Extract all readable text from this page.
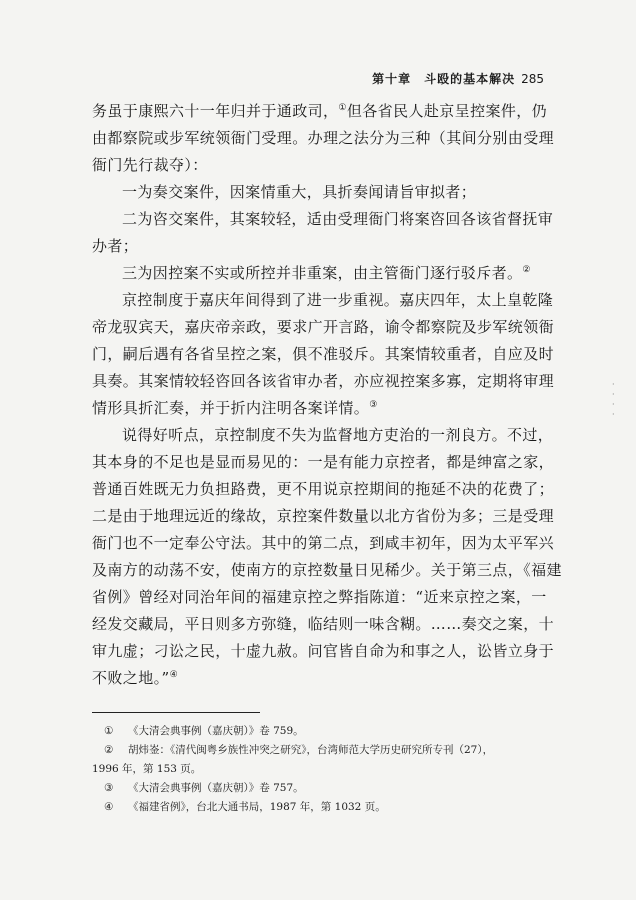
第十章　斗殴的基本解决 285

务虽于康熙六十一年归并于通政司，①但各省民人赴京呈控案件，仍由都察院或步军统领衙门受理。办理之法分为三种（其间分别由受理衙门先行裁夺）：

一为奏交案件，因案情重大，具折奏闻请旨审拟者；

二为咨交案件，其案较轻，适由受理衙门将案咨回各该省督抚审办者；

三为因控案不实或所控并非重案，由主管衙门逐行驳斥者。②

京控制度于嘉庆年间得到了进一步重视。嘉庆四年，太上皇乾隆帝龙驭宾天，嘉庆帝亲政，要求广开言路，谕令都察院及步军统领衙门，嗣后遇有各省呈控之案，俱不准驳斥。其案情较重者，自应及时具奏。其案情较轻咨回各该省审办者，亦应视控案多寡，定期将审理情形具折汇奏，并于折内注明各案详情。③

说得好听点，京控制度不失为监督地方吏治的一剂良方。不过，其本身的不足也是显而易见的：一是有能力京控者，都是绅富之家，普通百姓既无力负担路费，更不用说京控期间的拖延不决的花费了；二是由于地理远近的缘故，京控案件数量以北方省份为多；三是受理衙门也不一定奉公守法。其中的第二点，到咸丰初年，因为太平军兴及南方的动荡不安，使南方的京控数量日见稀少。关于第三点，《福建省例》曾经对同治年间的福建京控之弊指陈道：“近来京控之案，一经发交藏局，平日则多方弥缝，临结则一味含糊。……奏交之案，十审九虚；刁讼之民，十虚九赦。问官皆自命为和事之人，讼皆立身于不败之地。”④

·
·
·
·

① 《大清会典事例（嘉庆朝）》卷 759。

② 胡炜崟：《清代闽粤乡族性冲突之研究》，台湾师范大学历史研究所专刊（27），

1996 年，第 153 页。

③ 《大清会典事例（嘉庆朝）》卷 757。

④ 《福建省例》，台北大通书局，1987 年，第 1032 页。
